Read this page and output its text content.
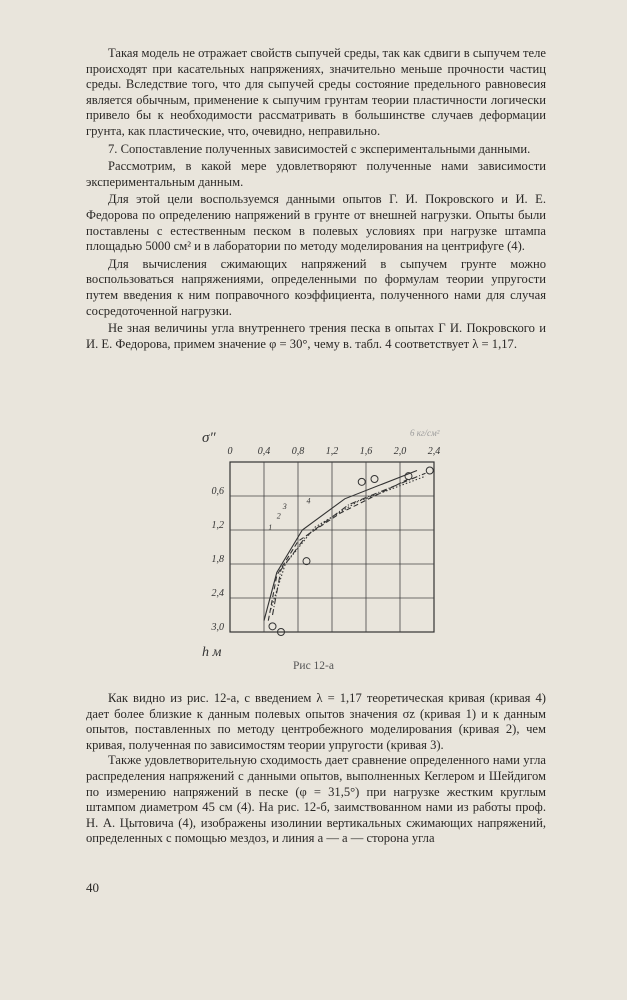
Такая модель не отражает свойств сыпучей среды, так как сдвиги в сыпучем теле происходят при касательных напряжениях, значительно меньше прочности частиц среды. Вследствие того, что для сыпучей среды состояние предельного равновесия является обычным, применение к сыпучим грунтам теории пластичности логически привело бы к необходимости рассматривать в большинстве случаев деформации грунта, как пластические, что, очевидно, неправильно.

7. Сопоставление полученных зависимостей с экспериментальными данными.

Рассмотрим, в какой мере удовлетворяют полученные нами зависимости экспериментальным данным.

Для этой цели воспользуемся данными опытов Г. И. Покровского и И. Е. Федорова по определению напряжений в грунте от внешней нагрузки. Опыты были поставлены с естественным песком в полевых условиях при нагрузке штампа площадью 5000 см² и в лаборатории по методу моделирования на центрифуге (4).

Для вычисления сжимающих напряжений в сыпучем грунте можно воспользоваться напряжениями, определенными по формулам теории упругости путем введения к ним поправочного коэффициента, полученного нами для случая сосредоточенной нагрузки.

Не зная величины угла внутреннего трения песка в опытах Г И. Покровского и И. Е. Федорова, примем значение φ = 30°, чему в. табл. 4 соответствует λ = 1,17.

0	0,4 0,8 1,2 1,6 2,0 2,4
0,6
1,2
1,8
2,4
3,0
1
2
3
4
σ″
h м
6 кг/см²
Рис 12-а

Как видно из рис. 12-а, с введением λ = 1,17 теоретическая кривая (кривая 4) дает более близкие к данным полевых опытов значения σz (кривая 1) и к данным опытов, поставленных по методу центробежного моделирования (кривая 2), чем кривая, полученная по зависимостям теории упругости (кривая 3).

Также удовлетворительную сходимость дает сравнение определенного нами угла распределения напряжений с данными опытов, выполненных Кеглером и Шейдигом по измерению напряжений в песке (φ = 31,5°) при нагрузке жестким круглым штампом диаметром 45 см (4). На рис. 12-б, заимствованном нами из работы проф. Н. А. Цытовича (4), изображены изолинии вертикальных сжимающих напряжений, определенных с помощью мездоз, и линия а — а — сторона угла

40
